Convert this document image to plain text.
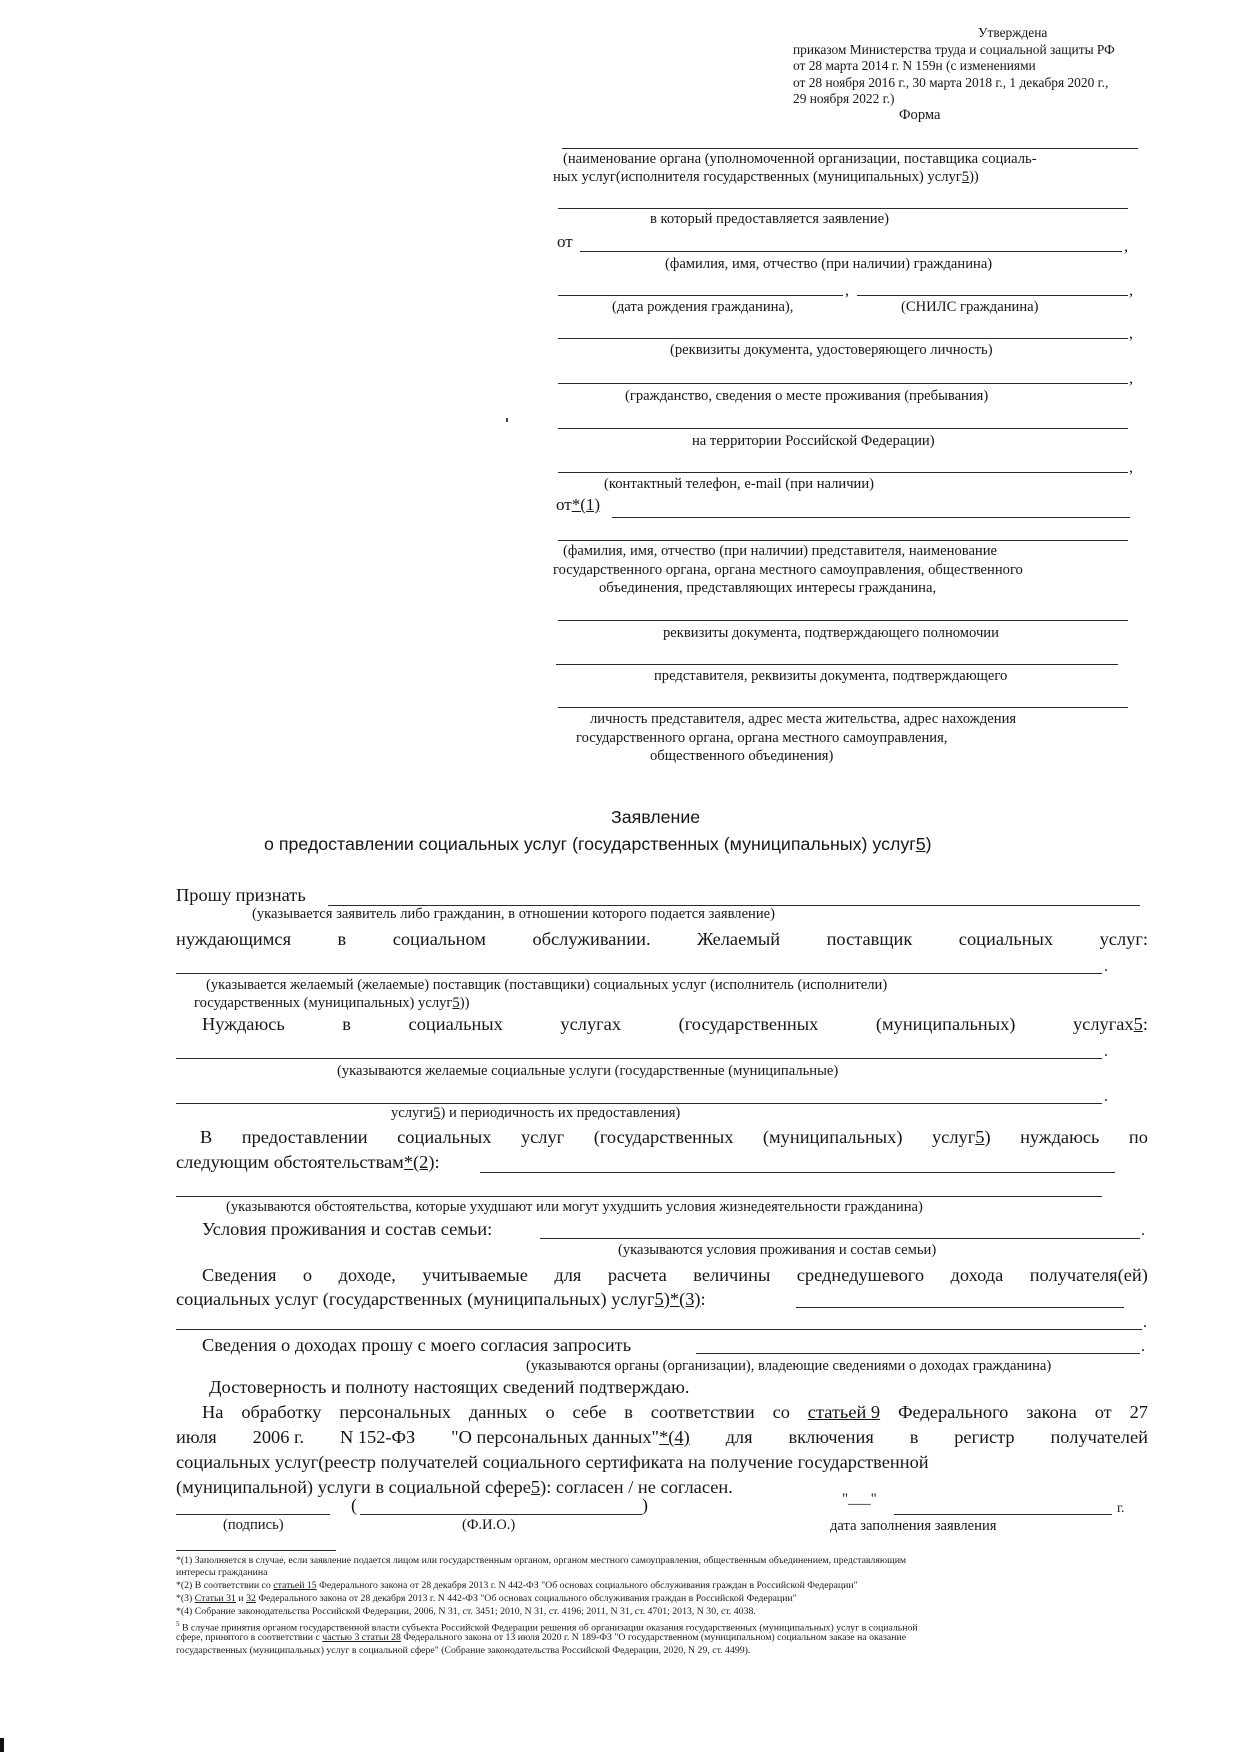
Утверждена
приказом Министерства труда и социальной защиты РФ
от 28 марта 2014 г. N 159н (с изменениями
от 28 ноября 2016 г., 30 марта 2018 г., 1 декабря 2020 г.,
29 ноября 2022 г.)
Форма
(наименование органа (уполномоченной организации, поставщика социаль-
ных услуг(исполнителя государственных (муниципальных) услуг5))
в который предоставляется заявление)
от	,
(фамилия, имя, отчество (при наличии) гражданина)
,	,
(дата рождения гражданина),	(СНИЛС гражданина)
,
(реквизиты документа, удостоверяющего личность)
,
(гражданство, сведения о месте проживания (пребывания)
на территории Российской Федерации)
,
(контактный телефон, e-mail (при наличии)
от*(1)
(фамилия, имя, отчество (при наличии) представителя, наименование
государственного органа, органа местного самоуправления, общественного
объединения, представляющих интересы гражданина,
реквизиты документа, подтверждающего полномочии
представителя, реквизиты документа, подтверждающего
личность представителя, адрес места жительства, адрес нахождения
государственного органа, органа местного самоуправления,
общественного объединения)
Заявление
о предоставлении социальных услуг (государственных (муниципальных) услуг5)
Прошу признать
(указывается заявитель либо гражданин, в отношении которого подается заявление)
нуждающимся	в	социальном	обслуживании.	Желаемый	поставщик	социальных	услуг:
.
(указывается желаемый (желаемые) поставщик (поставщики) социальных услуг (исполнитель (исполнители)
государственных (муниципальных) услуг5))
Нуждаюсь	в	социальных	услугах	(государственных	(муниципальных)	услугах5:
.
(указываются желаемые социальные услуги (государственные (муниципальные)
.
услуги5) и периодичность их предоставления)
В предоставлении социальных услуг (государственных (муниципальных) услуг5) нуждаюсь по
следующим обстоятельствам*(2):
(указываются обстоятельства, которые ухудшают или могут ухудшить условия жизнедеятельности гражданина)
Условия проживания и состав семьи:	.
(указываются условия проживания и состав семьи)
Сведения о доходе, учитываемые для расчета величины среднедушевого дохода получателя(ей)
социальных услуг (государственных (муниципальных) услуг5)*(3):
.
Сведения о доходах прошу с моего согласия запросить	.
(указываются органы (организации), владеющие сведениями о доходах гражданина)
Достоверность и полноту настоящих сведений подтверждаю.
На обработку персональных данных о себе в соответствии со статьей 9 Федерального закона от 27
июля 2006 г. N 152-ФЗ "О персональных данных"*(4) для включения в регистр получателей
социальных услуг(реестр получателей социального сертификата на получение государственной
(муниципальной) услуги в социальной сфере5): согласен / не согласен.
(	)	"___"
г.
(подпись)	(Ф.И.О.)	дата заполнения заявления
*(1) Заполняется в случае, если заявление подается лицом или государственным органом, органом местного самоуправления, общественным объединением, представляющим
интересы гражданина
*(2) В соответствии со статьей 15 Федерального закона от 28 декабря 2013 г. N 442-ФЗ "Об основах социального обслуживания граждан в Российской Федерации"
*(3) Статьи 31 и 32 Федерального закона от 28 декабря 2013 г. N 442-ФЗ "Об основах социального обслуживания граждан в Российской Федерации"
*(4) Собрание законодательства Российской Федерации, 2006, N 31, ст. 3451; 2010, N 31, ст. 4196; 2011, N 31, ст. 4701; 2013, N 30, ст. 4038.
$^5$ В случае принятия органом государственной власти субъекта Российской Федерации решения об организации оказания государственных (муниципальных) услуг в социальной
сфере, принятого в соответствии с частью 3 статьи 28 Федерального закона от 13 июля 2020 г. N 189-ФЗ "О государственном (муниципальном) социальном заказе на оказание
государственных (муниципальных) услуг в социальной сфере" (Собрание законодательства Российской Федерации, 2020, N 29, ст. 4499).
